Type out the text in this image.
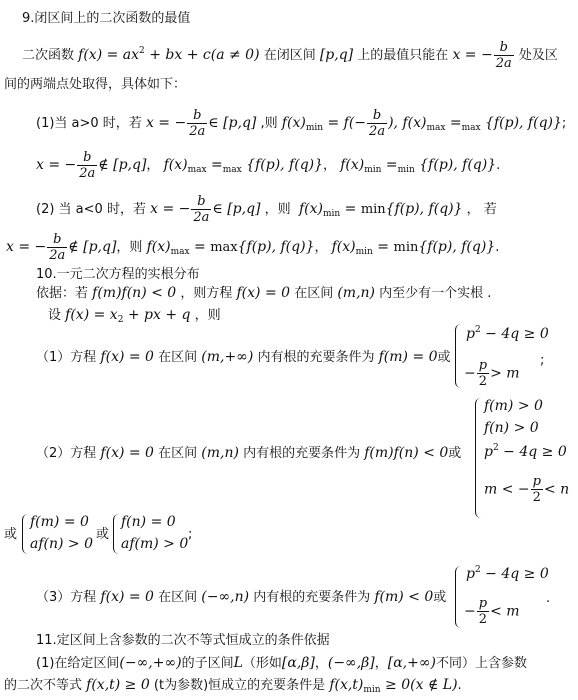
9.闭区间上的二次函数的最值
二次函数 $f(x) = ax^2$ + bx + c(a ≠ 0) 在闭区间 [p,q] 上的最值只能在 x = − $\frac{b}{2a}$ 处及区
间的两端点处取得，具体如下：
(1)当 a>0 时，若 x = − $\frac{b}{2a}$ ∈ [p,q] ,则 $f(x)_{min} = f(- \frac{b}{2a}$ ), $f(x)_{max} =_{max}$ {f(p), f(q)};
x = − $\frac{b}{2a}$ ∉ [p,q]， $f(x)_{max} =_{max}$ {f(p), f(q)}， $f(x)_{min} =_{min}$ {f(p), f(q)}.
(2) 当 a<0 时，若 x = − $\frac{b}{2a}$ ∈ [p,q] ，则 $f(x)_{min} = \min\{f(p)$, f(q)} ， 若
x = − $\frac{b}{2a}$ ∉ [p,q]，则 $f(x)_{max} = \max\{f(p)$, f(q)}， $f(x)_{min} = \min\{f(p)$, f(q)}.
10.一元二次方程的实根分布
依据：若 f(m)f(n) < 0 ，则方程 f(x) = 0 在区间 (m,n) 内至少有一个实根 .
设 $f(x) = x_2$ + px + q ，则
（1）方程 f(x) = 0 在区间 (m,+∞) 内有根的充要条件为 f(m) = 0或
$p^2 - 4q \ge 0$
− $\frac{p}{2} > m$
;
f(m) > 0
f(n) > 0
$p^2 - 4q \ge 0$
m < − $\frac{p}{2} < n$
（2）方程 f(x) = 0 在区间 (m,n) 内有根的充要条件为 f(m)f(n) < 0或
或
f(m) = 0
af(n) > 0
或
f(n) = 0
af(m) > 0
;
$p^2 - 4q \ge 0$
− $\frac{p}{2} < m$
（3）方程 f(x) = 0 在区间 (−∞,n) 内有根的充要条件为 f(m) < 0或	.
11.定区间上含参数的二次不等式恒成立的条件依据
(1)在给定区间(−∞,+∞)的子区间L（形如[α,β]，(−∞,β]，[α,+∞)不同）上含参数
的二次不等式 f(x,t) ≥ 0 (t为参数)恒成立的充要条件是 $f(x,t)_{min} \ge 0(x$ ∉ L).
